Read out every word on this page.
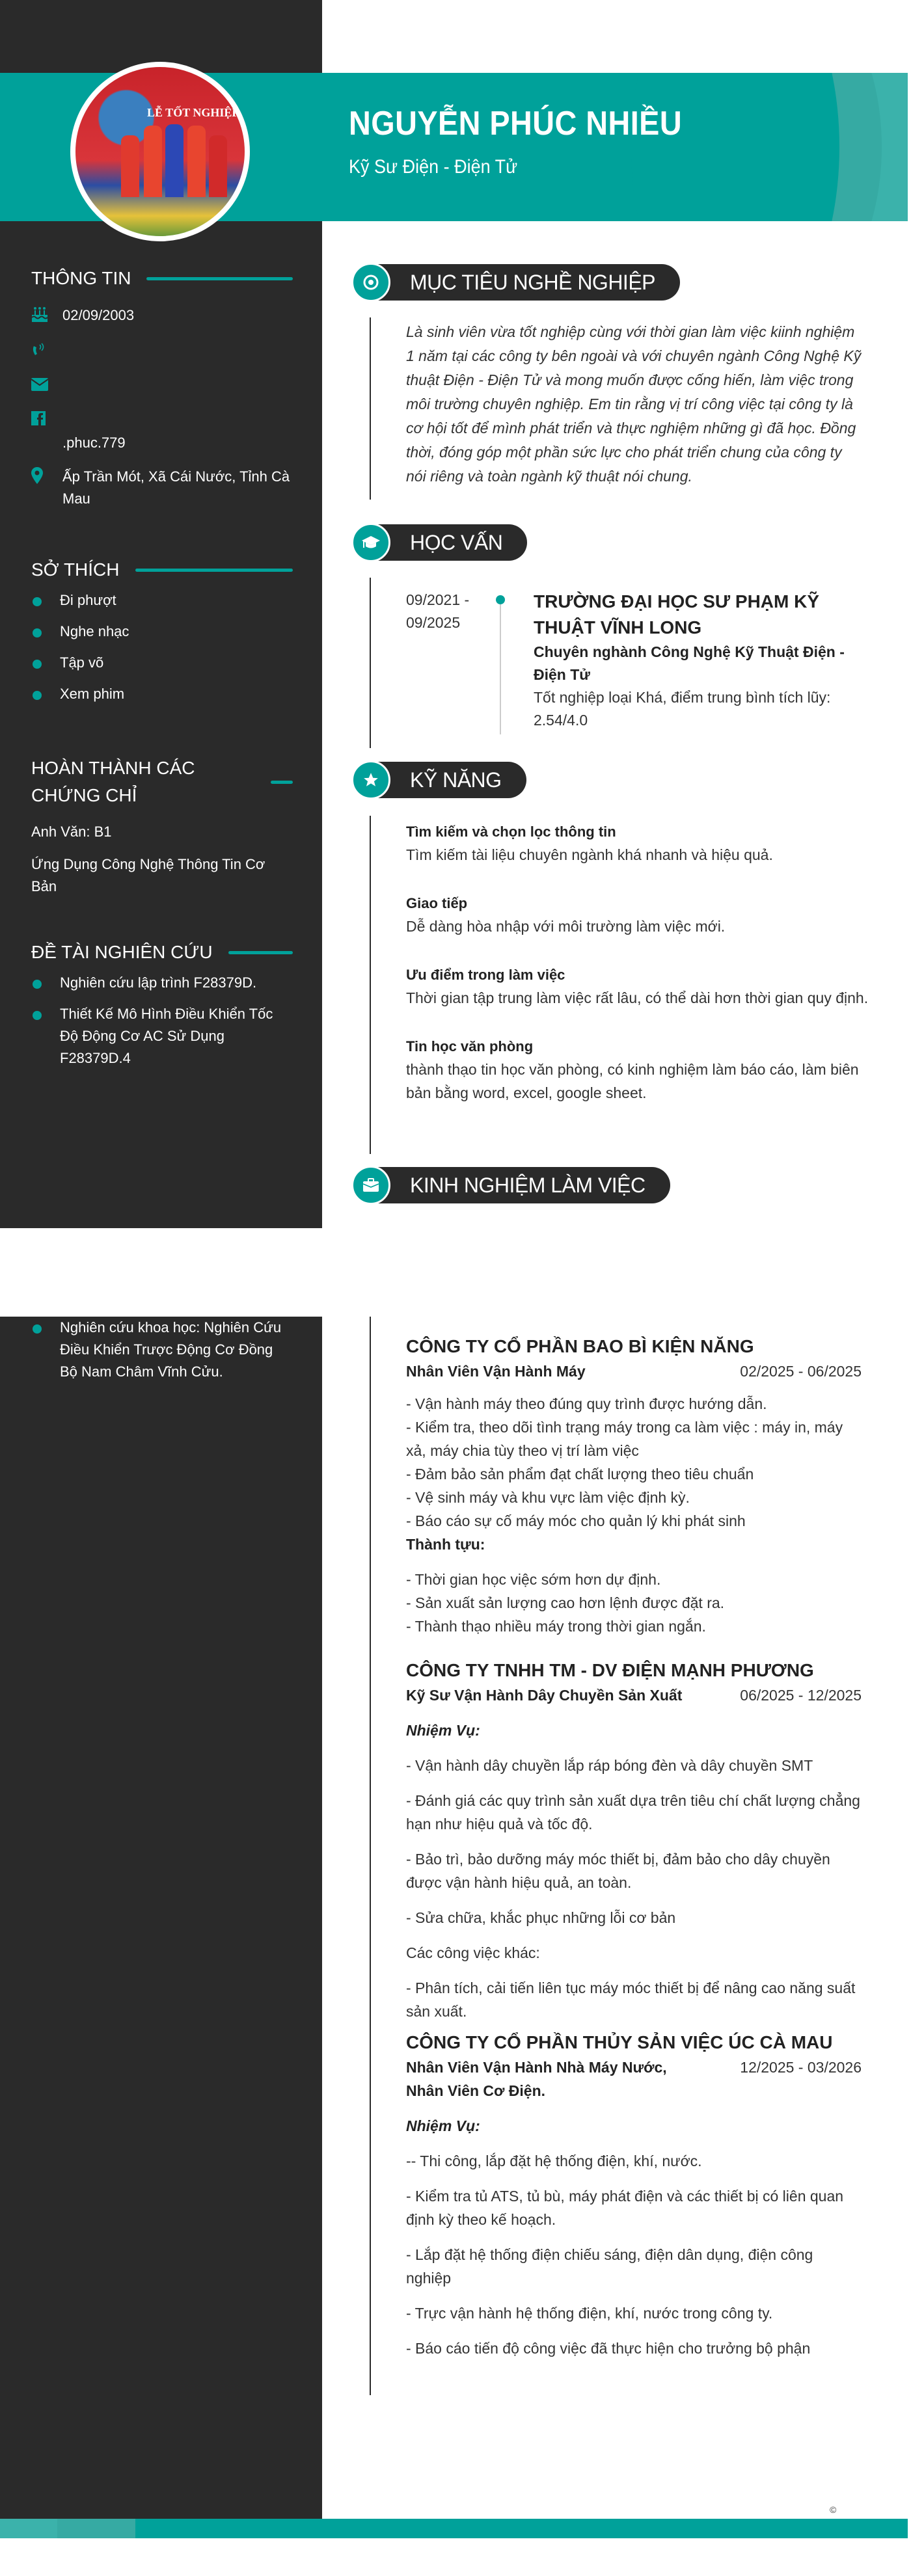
LỄ TỐT NGHIỆP	NGUYỄN PHÚC NHIỀU
Kỹ Sư Điện - Điện Tử
THÔNG TIN
02/09/2003
.phuc.779
Ấp Trần Mót, Xã Cái Nước, Tỉnh Cà Mau
SỞ THÍCH
Đi phượt
Nghe nhạc
Tập võ
Xem phim
HOÀN THÀNH CÁC CHỨNG CHỈ
Anh Văn: B1
Ứng Dụng Công Nghệ Thông Tin Cơ Bản
ĐỀ TÀI NGHIÊN CỨU
Nghiên cứu lập trình F28379D.
Thiết Kế Mô Hình Điều Khiển Tốc Độ Động Cơ AC Sử Dụng F28379D.4
Nghiên cứu khoa học: Nghiên Cứu Điều Khiển Trược Động Cơ Đồng Bộ Nam Châm Vĩnh Cửu.
MỤC TIÊU NGHỀ NGHIỆP
Là sinh viên vừa tốt nghiệp cùng với thời gian làm việc kiinh nghiệm 1 năm tại các công ty bên ngoài và với chuyên ngành Công Nghệ Kỹ thuật Điện - Điện Tử và mong muốn được cống hiến, làm việc trong môi trường chuyên nghiệp. Em tin rằng vị trí công việc tại công ty là cơ hội tốt để mình phát triển và thực nghiệm những gì đã học. Đồng thời, đóng góp một phần sức lực cho phát triển chung của công ty nói riêng và toàn ngành kỹ thuật nói chung.
HỌC VẤN
09/2021 - 09/2025
TRƯỜNG ĐẠI HỌC SƯ PHẠM KỸ THUẬT VĨNH LONG
Chuyên nghành Công Nghệ Kỹ Thuật Điện - Điện Tử
Tốt nghiệp loại Khá, điểm trung bình tích lũy: 2.54/4.0
KỸ NĂNG
Tìm kiếm và chọn lọc thông tin
Tìm kiếm tài liệu chuyên ngành khá nhanh và hiệu quả.
Giao tiếp
Dễ dàng hòa nhập với môi trường làm việc mới.
Ưu điểm trong làm việc
Thời gian tập trung làm việc rất lâu, có thể dài hơn thời gian quy định.
Tin học văn phòng
thành thạo tin học văn phòng, có kinh nghiệm làm báo cáo, làm biên bản bằng word, excel, google sheet.
KINH NGHIỆM LÀM VIỆC
CÔNG TY CỔ PHẦN BAO BÌ KIỆN NĂNG
Nhân Viên Vận Hành Máy	02/2025 - 06/2025
- Vận hành máy theo đúng quy trình được hướng dẫn.
- Kiểm tra, theo dõi tình trạng máy trong ca làm việc : máy in, máy xả, máy chia tùy theo vị trí làm việc
- Đảm bảo sản phẩm đạt chất lượng theo tiêu chuẩn
- Vệ sinh máy và khu vực làm việc định kỳ.
- Báo cáo sự cố máy móc cho quản lý khi phát sinh
Thành tựu:
- Thời gian học việc sớm hơn dự định.
- Sản xuất sản lượng cao hơn lệnh được đặt ra.
- Thành thạo nhiều máy trong thời gian ngắn.
CÔNG TY TNHH TM - DV ĐIỆN MẠNH PHƯƠNG
Kỹ Sư Vận Hành Dây Chuyền Sản Xuất	06/2025 - 12/2025
Nhiệm Vụ:
- Vận hành dây chuyền lắp ráp bóng đèn và dây chuyền SMT
- Đánh giá các quy trình sản xuất dựa trên tiêu chí chất lượng chẳng hạn như hiệu quả và tốc độ.
- Bảo trì, bảo dưỡng máy móc thiết bị, đảm bảo cho dây chuyền được vận hành hiệu quả, an toàn.
- Sửa chữa, khắc phục những lỗi cơ bản
Các công việc khác:
- Phân tích, cải tiến liên tục máy móc thiết bị để nâng cao năng suất sản xuất.
CÔNG TY CỔ PHẦN THỦY SẢN VIỆC ÚC CÀ MAU
Nhân Viên Vận Hành Nhà Máy Nước, Nhân Viên Cơ Điện.
12/2025 - 03/2026
Nhiệm Vụ:
-- Thi công, lắp đặt hệ thống điện, khí, nước.
- Kiểm tra tủ ATS, tủ bù, máy phát điện và các thiết bị có liên quan định kỳ theo kế hoạch.
- Lắp đặt hệ thống điện chiếu sáng, điện dân dụng, điện công nghiệp
- Trực vận hành hệ thống điện, khí, nước trong công ty.
- Báo cáo tiến độ công việc đã thực hiện cho trưởng bộ phận
©
